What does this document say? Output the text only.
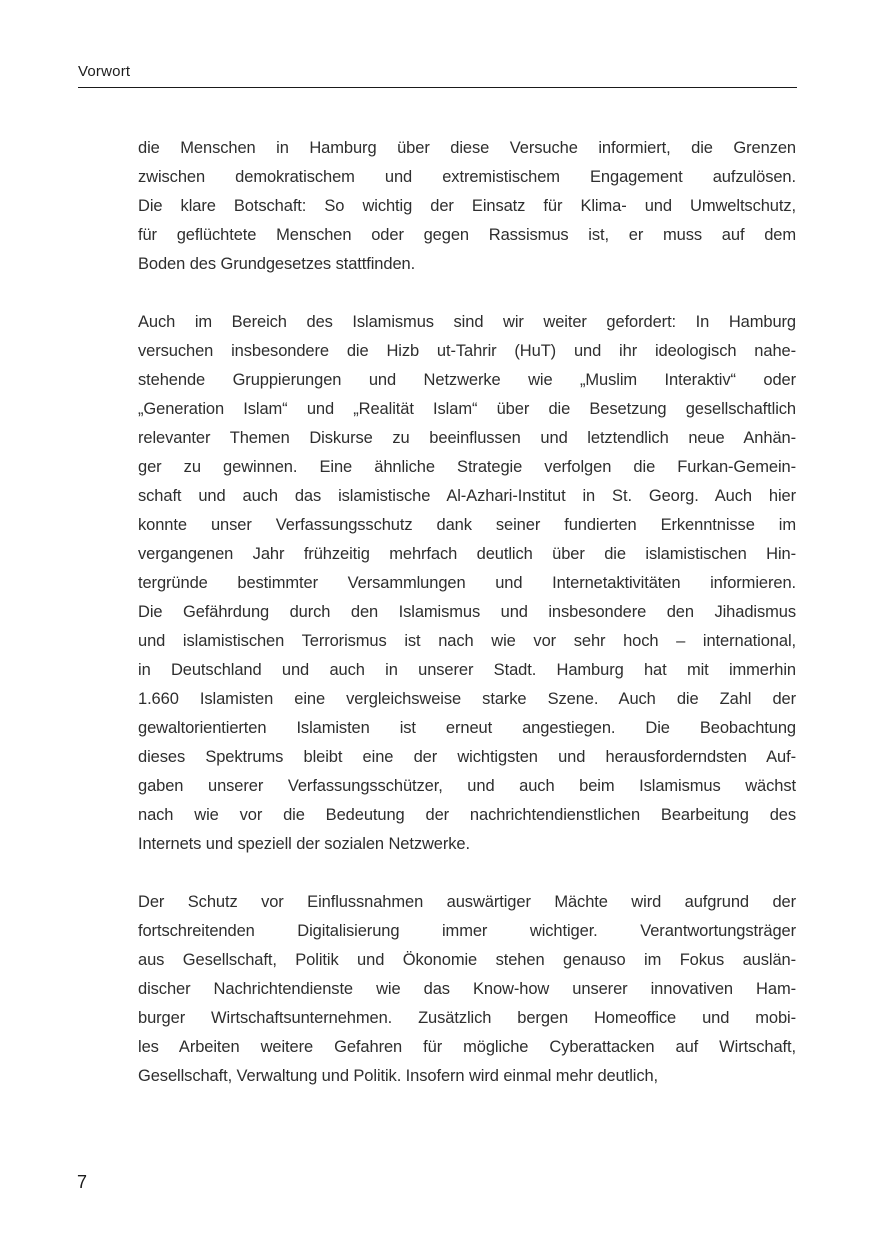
Vorwort

die Menschen in Hamburg über diese Versuche informiert, die Grenzen
zwischen demokratischem und extremistischem Engagement aufzulösen.
Die klare Botschaft: So wichtig der Einsatz für Klima- und Umweltschutz,
für geflüchtete Menschen oder gegen Rassismus ist, er muss auf dem
Boden des Grundgesetzes stattfinden.

Auch im Bereich des Islamismus sind wir weiter gefordert: In Hamburg
versuchen insbesondere die Hizb ut-Tahrir (HuT) und ihr ideologisch nahe-
stehende Gruppierungen und Netzwerke wie „Muslim Interaktiv“ oder
„Generation Islam“ und „Realität Islam“ über die Besetzung gesellschaftlich
relevanter Themen Diskurse zu beeinflussen und letztendlich neue Anhän-
ger zu gewinnen. Eine ähnliche Strategie verfolgen die Furkan-Gemein-
schaft und auch das islamistische Al-Azhari-Institut in St. Georg. Auch hier
konnte unser Verfassungsschutz dank seiner fundierten Erkenntnisse im
vergangenen Jahr frühzeitig mehrfach deutlich über die islamistischen Hin-
tergründe bestimmter Versammlungen und Internetaktivitäten informieren.
Die Gefährdung durch den Islamismus und insbesondere den Jihadismus
und islamistischen Terrorismus ist nach wie vor sehr hoch – international,
in Deutschland und auch in unserer Stadt. Hamburg hat mit immerhin
1.660 Islamisten eine vergleichsweise starke Szene. Auch die Zahl der
gewaltorientierten Islamisten ist erneut angestiegen. Die Beobachtung
dieses Spektrums bleibt eine der wichtigsten und herausforderndsten Auf-
gaben unserer Verfassungsschützer, und auch beim Islamismus wächst
nach wie vor die Bedeutung der nachrichtendienstlichen Bearbeitung des
Internets und speziell der sozialen Netzwerke.

Der Schutz vor Einflussnahmen auswärtiger Mächte wird aufgrund der
fortschreitenden Digitalisierung immer wichtiger. Verantwortungsträger
aus Gesellschaft, Politik und Ökonomie stehen genauso im Fokus auslän-
discher Nachrichtendienste wie das Know-how unserer innovativen Ham-
burger Wirtschaftsunternehmen. Zusätzlich bergen Homeoffice und mobi-
les Arbeiten weitere Gefahren für mögliche Cyberattacken auf Wirtschaft,
Gesellschaft, Verwaltung und Politik. Insofern wird einmal mehr deutlich,

7
